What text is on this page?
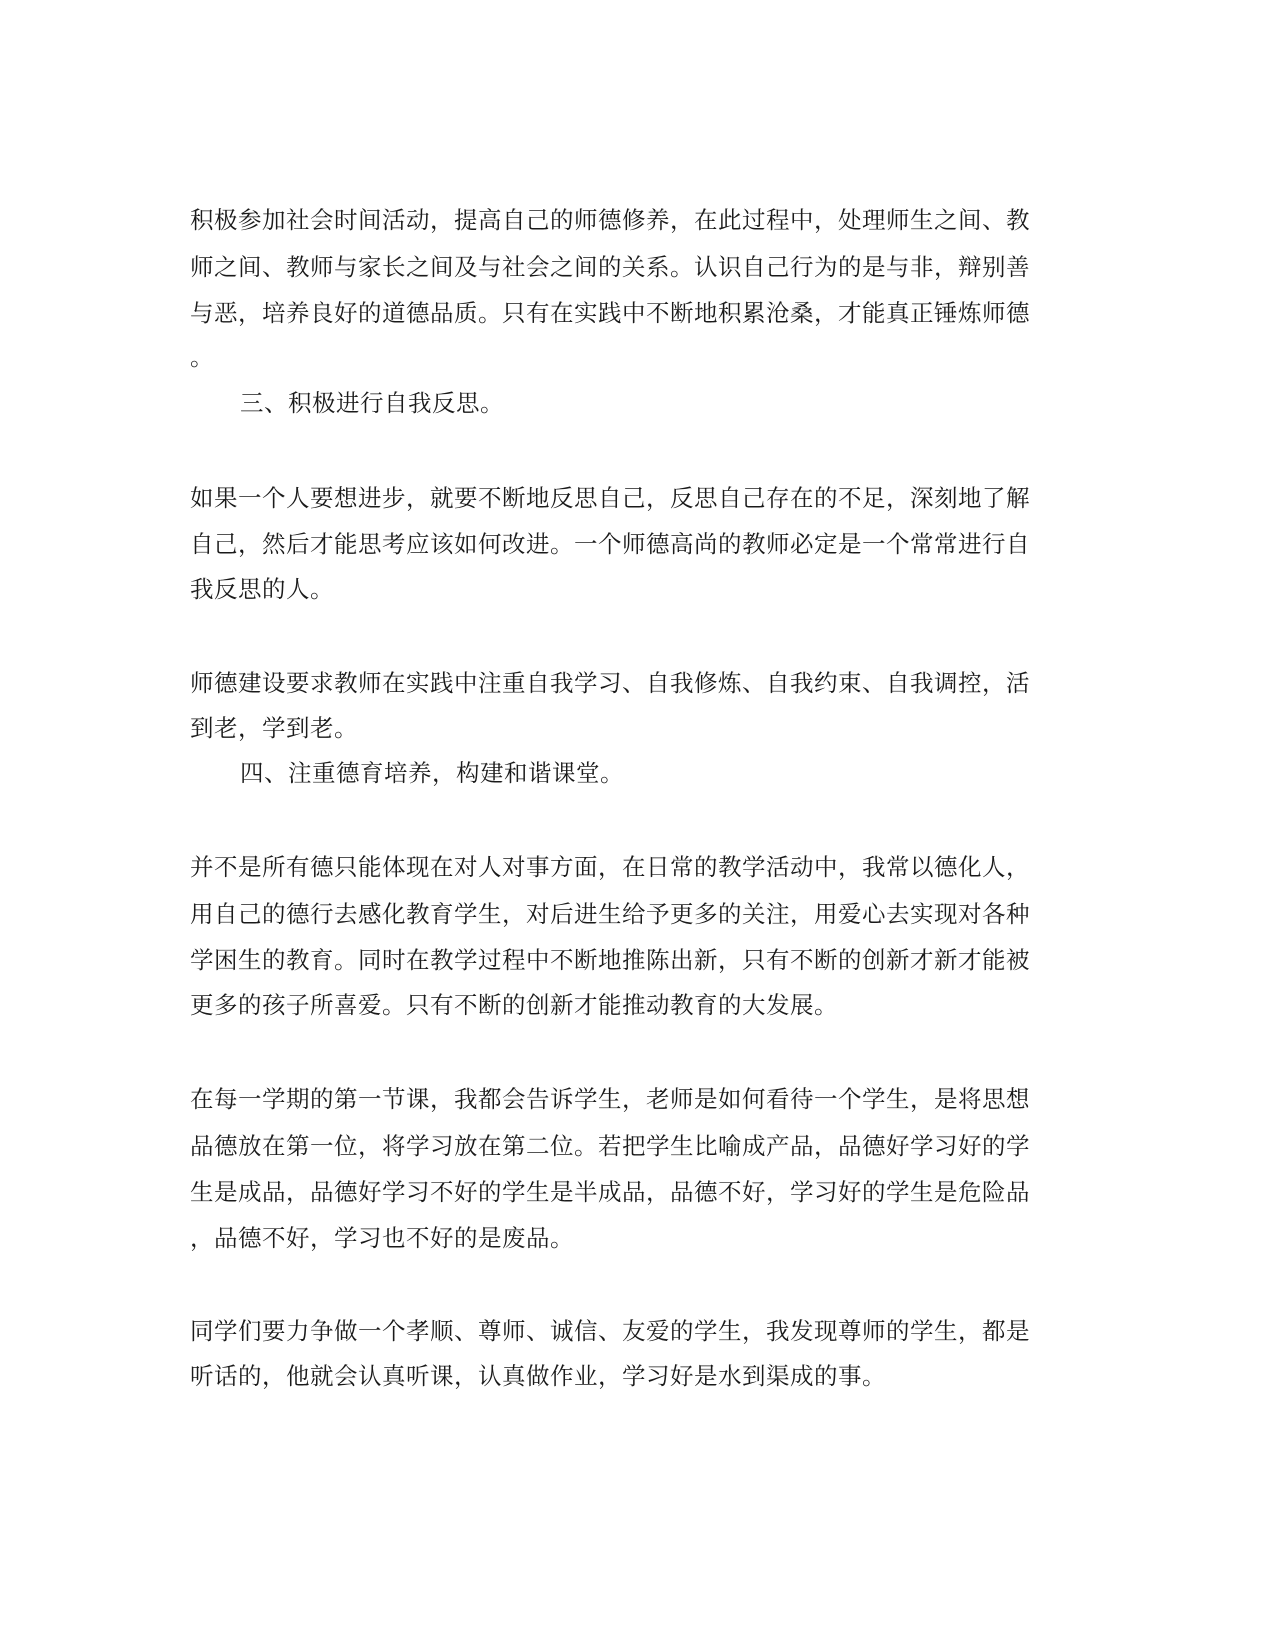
积极参加社会时间活动，提高自己的师德修养，在此过程中，处理师生之间、教
师之间、教师与家长之间及与社会之间的关系。认识自己行为的是与非，辩别善
与恶，培养良好的道德品质。只有在实践中不断地积累沧桑，才能真正锤炼师德
。
三、积极进行自我反思。
如果一个人要想进步，就要不断地反思自己，反思自己存在的不足，深刻地了解
自己，然后才能思考应该如何改进。一个师德高尚的教师必定是一个常常进行自
我反思的人。
师德建设要求教师在实践中注重自我学习、自我修炼、自我约束、自我调控，活
到老，学到老。
四、注重德育培养，构建和谐课堂。
并不是所有德只能体现在对人对事方面，在日常的教学活动中，我常以德化人，
用自己的德行去感化教育学生，对后进生给予更多的关注，用爱心去实现对各种
学困生的教育。同时在教学过程中不断地推陈出新，只有不断的创新才新才能被
更多的孩子所喜爱。只有不断的创新才能推动教育的大发展。
在每一学期的第一节课，我都会告诉学生，老师是如何看待一个学生，是将思想
品德放在第一位，将学习放在第二位。若把学生比喻成产品，品德好学习好的学
生是成品，品德好学习不好的学生是半成品，品德不好，学习好的学生是危险品
，品德不好，学习也不好的是废品。
同学们要力争做一个孝顺、尊师、诚信、友爱的学生，我发现尊师的学生，都是
听话的，他就会认真听课，认真做作业，学习好是水到渠成的事。
